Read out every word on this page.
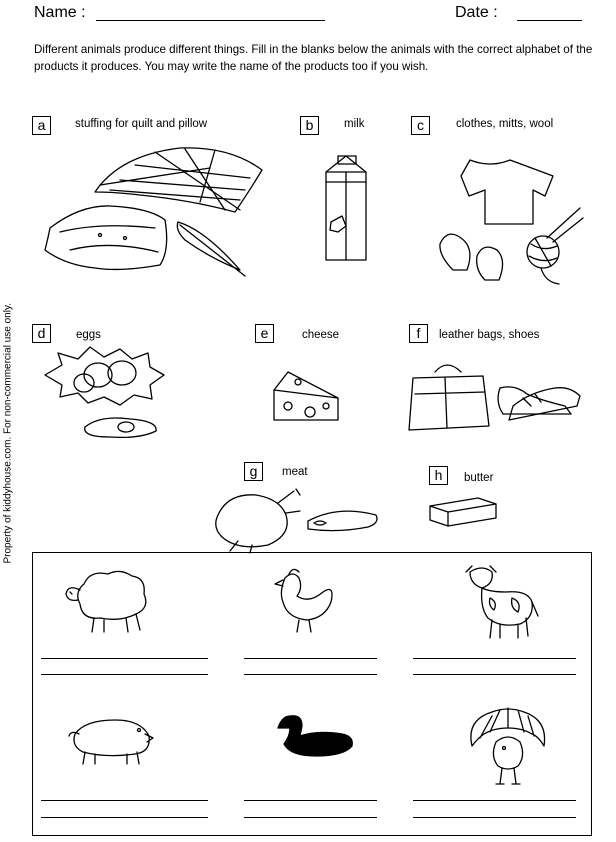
Name :	Date :
Different animals produce different things. Fill in the blanks below the animals with the correct alphabet of the products it produces. You may write the name of the products too if you wish.
Property of kiddyhouse.com. For non-commercial use only.
a	stuffing for quilt and pillow	b	milk	c	clothes, mitts, wool
d	eggs	e	cheese	f	leather bags, shoes
g	meat	h	butter
